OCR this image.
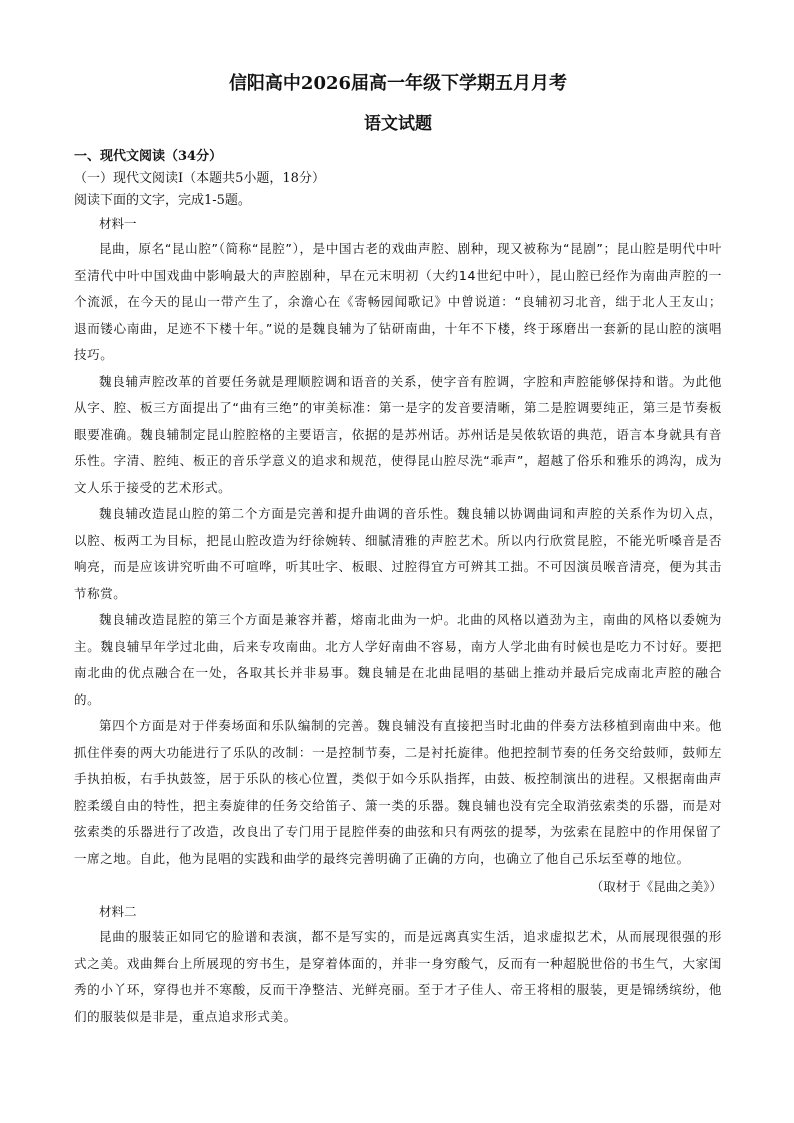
信阳高中2026届高一年级下学期五月月考
语文试题

一、现代文阅读（34分）

（一）现代文阅读Ⅰ（本题共5小题，18分）

阅读下面的文字，完成1-5题。

材料一

昆曲，原名“昆山腔”（简称“昆腔”），是中国古老的戏曲声腔、剧种，现又被称为“昆剧”；昆山腔是明代中叶至清代中叶中国戏曲中影响最大的声腔剧种，早在元末明初（大约14世纪中叶），昆山腔已经作为南曲声腔的一个流派，在今天的昆山一带产生了，余澹心在《寄畅园闻歌记》中曾说道：“良辅初习北音，绌于北人王友山；退而镂心南曲，足迹不下楼十年。”说的是魏良辅为了钻研南曲，十年不下楼，终于琢磨出一套新的昆山腔的演唱技巧。

魏良辅声腔改革的首要任务就是理顺腔调和语音的关系，使字音有腔调，字腔和声腔能够保持和谐。为此他从字、腔、板三方面提出了“曲有三绝”的审美标准：第一是字的发音要清晰，第二是腔调要纯正，第三是节奏板眼要准确。魏良辅制定昆山腔腔格的主要语言，依据的是苏州话。苏州话是吴侬软语的典范，语言本身就具有音乐性。字清、腔纯、板正的音乐学意义的追求和规范，使得昆山腔尽洗“乖声”，超越了俗乐和雅乐的鸿沟，成为文人乐于接受的艺术形式。

魏良辅改造昆山腔的第二个方面是完善和提升曲调的音乐性。魏良辅以协调曲词和声腔的关系作为切入点，以腔、板两工为目标，把昆山腔改造为纡徐婉转、细腻清雅的声腔艺术。所以内行欣赏昆腔，不能光听嗓音是否响亮，而是应该讲究听曲不可喧哗，听其吐字、板眼、过腔得宜方可辨其工拙。不可因演员喉音清亮，便为其击节称赏。

魏良辅改造昆腔的第三个方面是兼容并蓄，熔南北曲为一炉。北曲的风格以遒劲为主，南曲的风格以委婉为主。魏良辅早年学过北曲，后来专攻南曲。北方人学好南曲不容易，南方人学北曲有时候也是吃力不讨好。要把南北曲的优点融合在一处，各取其长并非易事。魏良辅是在北曲昆唱的基础上推动并最后完成南北声腔的融合的。

第四个方面是对于伴奏场面和乐队编制的完善。魏良辅没有直接把当时北曲的伴奏方法移植到南曲中来。他抓住伴奏的两大功能进行了乐队的改制：一是控制节奏，二是衬托旋律。他把控制节奏的任务交给鼓师，鼓师左手执拍板，右手执鼓签，居于乐队的核心位置，类似于如今乐队指挥，由鼓、板控制演出的进程。又根据南曲声腔柔缓自由的特性，把主奏旋律的任务交给笛子、箫一类的乐器。魏良辅也没有完全取消弦索类的乐器，而是对弦索类的乐器进行了改造，改良出了专门用于昆腔伴奏的曲弦和只有两弦的提琴，为弦索在昆腔中的作用保留了一席之地。自此，他为昆唱的实践和曲学的最终完善明确了正确的方向，也确立了他自己乐坛至尊的地位。

（取材于《昆曲之美》）

材料二

昆曲的服装正如同它的脸谱和表演，都不是写实的，而是远离真实生活，追求虚拟艺术，从而展现很强的形式之美。戏曲舞台上所展现的穷书生，是穿着体面的，并非一身穷酸气，反而有一种超脱世俗的书生气，大家闺秀的小丫环，穿得也并不寒酸，反而干净整洁、光鲜亮丽。至于才子佳人、帝王将相的服装，更是锦绣缤纷，他们的服装似是非是，重点追求形式美。
